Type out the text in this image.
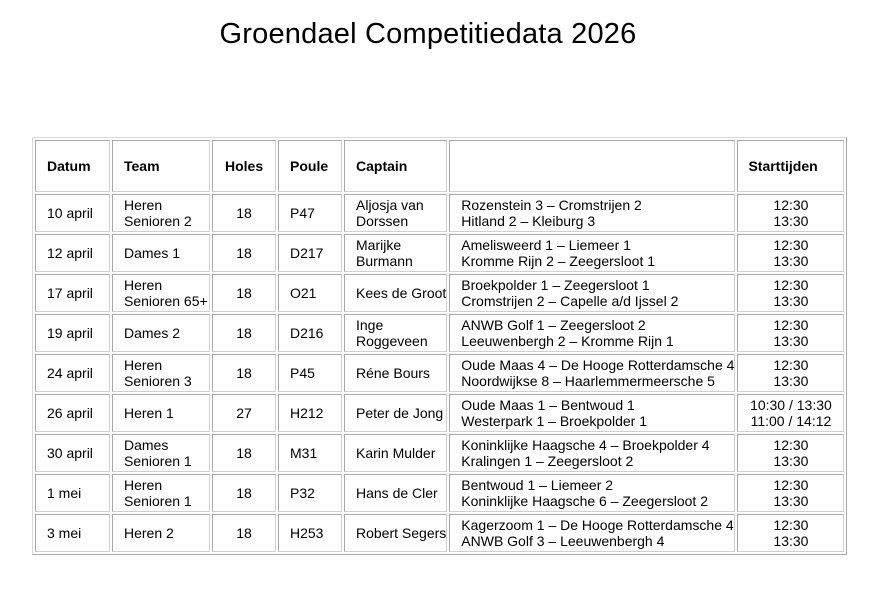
Groendael Competitiedata 2026
Datum	Team	Holes	Poule	Captain		Starttijden
10 april	Heren
Senioren 2	18	P47	Aljosja van
Dorssen	Rozenstein 3 – Cromstrijen 2
Hitland 2 – Kleiburg 3	12:30
13:30

12 april	Dames 1	18	D217	Marijke
Burmann	Amelisweerd 1 – Liemeer 1
Kromme Rijn 2 – Zeegersloot 1	12:30
13:30

17 april	Heren
Senioren 65+	18	O21	Kees de Groot	Broekpolder 1 – Zeegersloot 1
Cromstrijen 2 – Capelle a/d Ijssel 2	12:30
13:30

19 april	Dames 2	18	D216	Inge
Roggeveen	ANWB Golf 1 – Zeegersloot 2
Leeuwenbergh 2 – Kromme Rijn 1	12:30
13:30

24 april	Heren
Senioren 3	18	P45	Réne Bours	Oude Maas 4 – De Hooge Rotterdamsche 4
Noordwijkse 8 – Haarlemmermeersche 5	12:30
13:30

26 april	Heren 1	27	H212	Peter de Jong	Oude Maas 1 – Bentwoud 1
Westerpark 1 – Broekpolder 1	10:30 / 13:30
11:00 / 14:12

30 april	Dames
Senioren 1	18	M31	Karin Mulder	Koninklijke Haagsche 4 – Broekpolder 4
Kralingen 1 – Zeegersloot 2	12:30
13:30

1 mei	Heren
Senioren 1	18	P32	Hans de Cler	Bentwoud 1 – Liemeer 2
Koninklijke Haagsche 6 – Zeegersloot 2	12:30
13:30

3 mei	Heren 2	18	H253	Robert Segers	Kagerzoom 1 – De Hooge Rotterdamsche 4
ANWB Golf 3 – Leeuwenbergh 4	12:30
13:30
